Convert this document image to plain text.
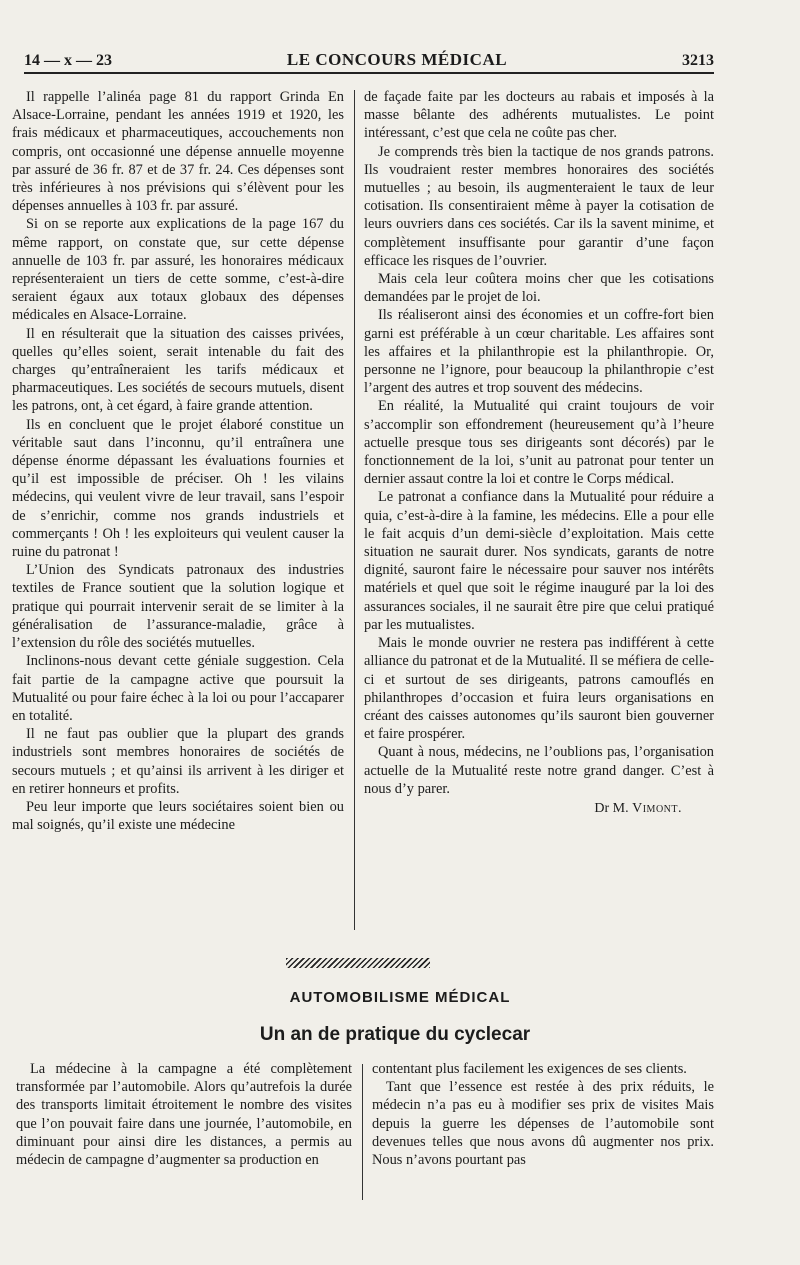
14 — x — 23	LE CONCOURS MÉDICAL	3213

Il rappelle l’alinéa page 81 du rapport Grinda En Alsace-Lorraine, pendant les années 1919 et 1920, les frais médicaux et pharmaceutiques, accouchements non compris, ont occasionné une dépense annuelle moyenne par assuré de 36 fr. 87 et de 37 fr. 24. Ces dépenses sont très inférieures à nos prévisions qui s’élèvent pour les dépenses annuelles à 103 fr. par assuré.

Si on se reporte aux explications de la page 167 du même rapport, on constate que, sur cette dépense annuelle de 103 fr. par assuré, les honoraires médicaux représenteraient un tiers de cette somme, c’est-à-dire seraient égaux aux totaux globaux des dépenses médicales en Alsace-Lorraine.

Il en résulterait que la situation des caisses privées, quelles qu’elles soient, serait intenable du fait des charges qu’entraîneraient les tarifs médicaux et pharmaceutiques. Les sociétés de secours mutuels, disent les patrons, ont, à cet égard, à faire grande attention.

Ils en concluent que le projet élaboré constitue un véritable saut dans l’inconnu, qu’il entraînera une dépense énorme dépassant les évaluations fournies et qu’il est impossible de préciser. Oh ! les vilains médecins, qui veulent vivre de leur travail, sans l’espoir de s’enrichir, comme nos grands industriels et commerçants ! Oh ! les exploiteurs qui veulent causer la ruine du patronat !

L’Union des Syndicats patronaux des industries textiles de France soutient que la solution logique et pratique qui pourrait intervenir serait de se limiter à la généralisation de l’assurance-maladie, grâce à l’extension du rôle des sociétés mutuelles.

Inclinons-nous devant cette géniale suggestion. Cela fait partie de la campagne active que poursuit la Mutualité ou pour faire échec à la loi ou pour l’accaparer en totalité.

Il ne faut pas oublier que la plupart des grands industriels sont membres honoraires de sociétés de secours mutuels ; et qu’ainsi ils arrivent à les diriger et en retirer honneurs et profits.

Peu leur importe que leurs sociétaires soient bien ou mal soignés, qu’il existe une médecine

de façade faite par les docteurs au rabais et imposés à la masse bêlante des adhérents mutualistes. Le point intéressant, c’est que cela ne coûte pas cher.

Je comprends très bien la tactique de nos grands patrons. Ils voudraient rester membres honoraires des sociétés mutuelles ; au besoin, ils augmenteraient le taux de leur cotisation. Ils consentiraient même à payer la cotisation de leurs ouvriers dans ces sociétés. Car ils la savent minime, et complètement insuffisante pour garantir d’une façon efficace les risques de l’ouvrier.

Mais cela leur coûtera moins cher que les cotisations demandées par le projet de loi.

Ils réaliseront ainsi des économies et un coffre-fort bien garni est préférable à un cœur charitable. Les affaires sont les affaires et la philanthropie est la philanthropie. Or, personne ne l’ignore, pour beaucoup la philanthropie c’est l’argent des autres et trop souvent des médecins.

En réalité, la Mutualité qui craint toujours de voir s’accomplir son effondrement (heureusement qu’à l’heure actuelle presque tous ses dirigeants sont décorés) par le fonctionnement de la loi, s’unit au patronat pour tenter un dernier assaut contre la loi et contre le Corps médical.

Le patronat a confiance dans la Mutualité pour réduire a quia, c’est-à-dire à la famine, les médecins. Elle a pour elle le fait acquis d’un demi-siècle d’exploitation. Mais cette situation ne saurait durer. Nos syndicats, garants de notre dignité, sauront faire le nécessaire pour sauver nos intérêts matériels et quel que soit le régime inauguré par la loi des assurances sociales, il ne saurait être pire que celui pratiqué par les mutualistes.

Mais le monde ouvrier ne restera pas indifférent à cette alliance du patronat et de la Mutualité. Il se méfiera de celle-ci et surtout de ses dirigeants, patrons camouflés en philanthropes d’occasion et fuira leurs organisations en créant des caisses autonomes qu’ils sauront bien gouverner et faire prospérer.

Quant à nous, médecins, ne l’oublions pas, l’organisation actuelle de la Mutualité reste notre grand danger. C’est à nous d’y parer.

Dr M. Vimont.
AUTOMOBILISME MÉDICAL
Un an de pratique du cyclecar

La médecine à la campagne a été complètement transformée par l’automobile. Alors qu’autrefois la durée des transports limitait étroitement le nombre des visites que l’on pouvait faire dans une journée, l’automobile, en diminuant pour ainsi dire les distances, a permis au médecin de campagne d’augmenter sa production en

contentant plus facilement les exigences de ses clients.

Tant que l’essence est restée à des prix réduits, le médecin n’a pas eu à modifier ses prix de visites Mais depuis la guerre les dépenses de l’automobile sont devenues telles que nous avons dû augmenter nos prix. Nous n’avons pourtant pas
